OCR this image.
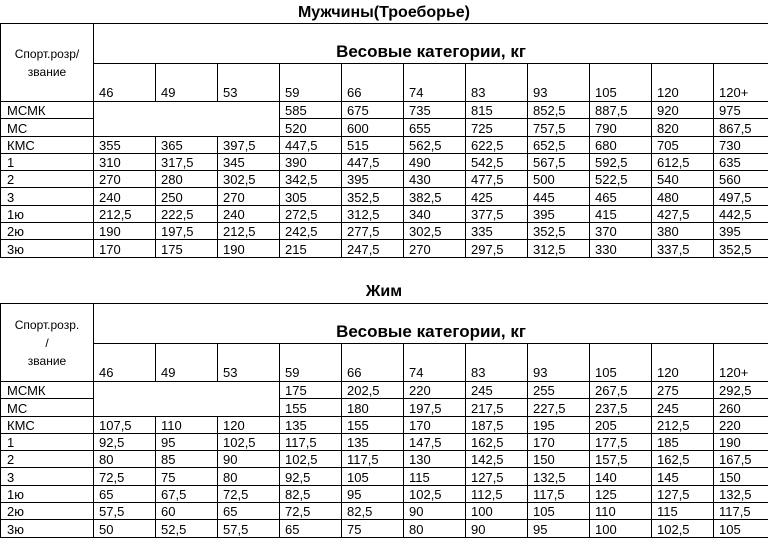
Мужчины(Троеборье)
Спорт.розр/
звание	Весовые категории, кг										
	46	49	53	59	66	74	83	93	105	120	120+
МСМК				585	675	735	815	852,5	887,5	920	975
МС				520	600	655	725	757,5	790	820	867,5
КМС	355	365	397,5	447,5	515	562,5	622,5	652,5	680	705	730
1	310	317,5	345	390	447,5	490	542,5	567,5	592,5	612,5	635
2	270	280	302,5	342,5	395	430	477,5	500	522,5	540	560
3	240	250	270	305	352,5	382,5	425	445	465	480	497,5
1ю	212,5	222,5	240	272,5	312,5	340	377,5	395	415	427,5	442,5
2ю	190	197,5	212,5	242,5	277,5	302,5	335	352,5	370	380	395
3ю	170	175	190	215	247,5	270	297,5	312,5	330	337,5	352,5
Жим
Спорт.розр.
/
звание	Весовые категории, кг										
	46	49	53	59	66	74	83	93	105	120	120+
МСМК				175	202,5	220	245	255	267,5	275	292,5
МС				155	180	197,5	217,5	227,5	237,5	245	260
КМС	107,5	110	120	135	155	170	187,5	195	205	212,5	220
1	92,5	95	102,5	117,5	135	147,5	162,5	170	177,5	185	190
2	80	85	90	102,5	117,5	130	142,5	150	157,5	162,5	167,5
3	72,5	75	80	92,5	105	115	127,5	132,5	140	145	150
1ю	65	67,5	72,5	82,5	95	102,5	112,5	117,5	125	127,5	132,5
2ю	57,5	60	65	72,5	82,5	90	100	105	110	115	117,5
3ю	50	52,5	57,5	65	75	80	90	95	100	102,5	105
